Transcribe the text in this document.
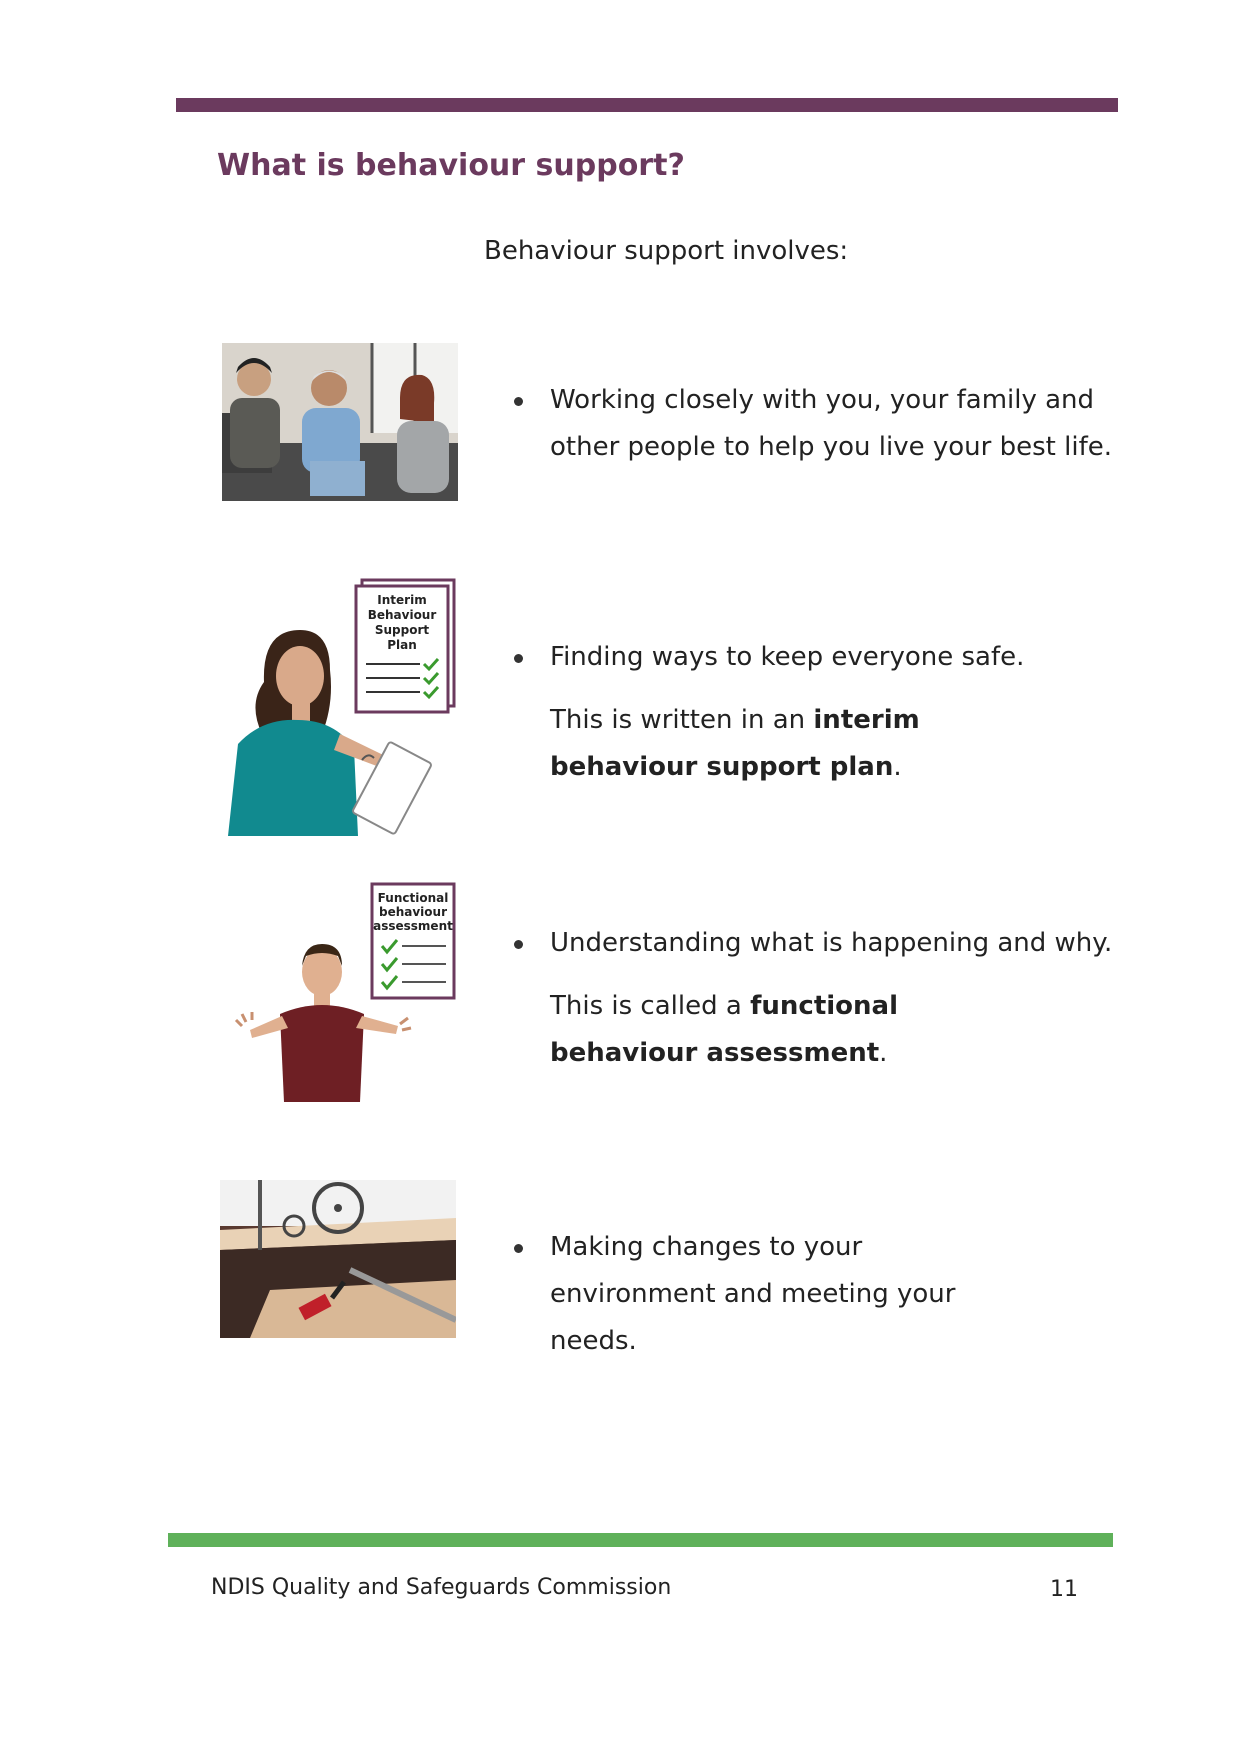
What is behaviour support?
Behaviour support involves:
Interim
Behaviour
Support
Plan
Functional
behaviour
assessment

Working closely with you, your family and other people to help you live your best life.

Finding ways to keep everyone safe.

This is written in an interim behaviour support plan.

Understanding what is happening and why.

This is called a functional behaviour assessment.

Making changes to your environment and meeting your needs.

NDIS Quality and Safeguards Commission	11
